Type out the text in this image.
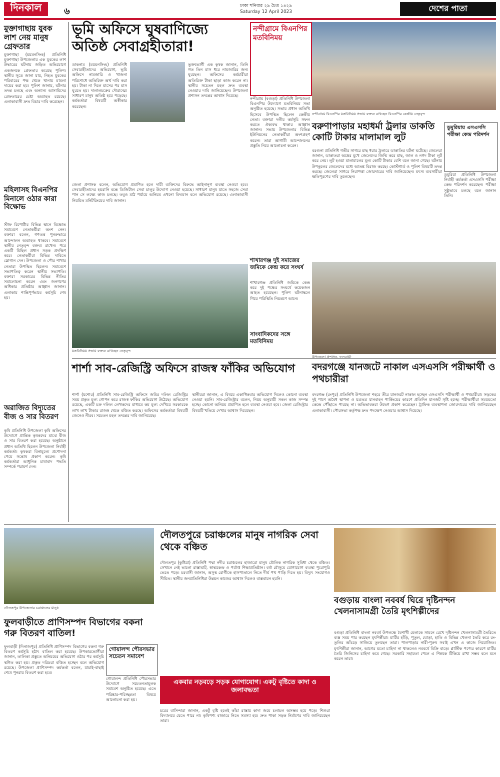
দিনকাল	৬
ঢাকা শনিবার ২৯ চৈত্র ১৪২৯
Saturday 12 April 2023	দেশের পাতা
মুক্তাগাছায় যুবক লাশ নেয় মানুষ গ্রেফতার
মুক্তাগাছা (ময়মনসিংহ) প্রতিনিধি মুক্তাগাছা উপজেলায় এক যুবকের লাশ উদ্ধারের ঘটনায় জড়িত অভিযোগে একজনকে গ্রেফতার করেছে পুলিশ। স্থানীয় সূত্রে জানা যায়, নিহত যুবকের পরিবারের পক্ষ থেকে থানায় মামলা দায়ের করা হয়। পুলিশ জানায়, ঘটনার তদন্ত চলছে এবং অন্যান্য আসামিদের গ্রেফতারের চেষ্টা অব্যাহত রয়েছে। এলাকাবাসী দ্রুত বিচার দাবি করেছেন।
মহিলাসহ বিএনপির মিনালে ওঠার কারা বিক্ষোভ
স্টাফ রিপোর্টার বিভিন্ন স্থানে বিক্ষোভ সমাবেশে নেতাকর্মীরা অংশ নেন। বক্তারা বলেন, গণতন্ত্র পুনরুদ্ধারে আন্দোলন অব্যাহত থাকবে। সমাবেশে স্থানীয় নেতৃবৃন্দ বক্তব্য রাখেন। পরে একটি মিছিল প্রধান সড়ক প্রদক্ষিণ করে। নেতাকর্মীরা বিভিন্ন দাবিতে স্লোগান দেন। উপজেলা ও পৌর শাখার নেতারা উপস্থিত ছিলেন। সমাবেশে সভাপতিত্ব করেন স্থানীয় সভাপতি। বক্তারা সরকারের বিভিন্ন নীতির সমালোচনা করেন এবং জনগণের অধিকার প্রতিষ্ঠার আহ্বান জানান। এলাকায় শান্তিপূর্ণভাবে কর্মসূচি শেষ হয়।
অরাজিত বিদ্যুতের বীজ ও সার বিতরণ
কৃষি প্রতিনিধি উপজেলা কৃষি অফিসের উদ্যোগে প্রান্তিক কৃষকদের মাঝে বীজ ও সার বিতরণ করা হয়েছে। অনুষ্ঠানে প্রধান অতিথি ছিলেন উপজেলা নির্বাহী কর্মকর্তা। কৃষকরা বিনামূল্যে প্রণোদনা পেয়ে সন্তোষ প্রকাশ করেন। কৃষি কর্মকর্তারা আধুনিক চাষাবাদ পদ্ধতি সম্পর্কে পরামর্শ দেন।
ভূমি অফিসে ঘুষবাণিজ্যে অতিষ্ঠ সেবাগ্রহীতারা!
ডাকনাম (ময়মনসিংহ) প্রতিনিধি সেবাগ্রহীতাদের অভিযোগ, ভূমি অফিসে নামজারি ও খাজনা পরিশোধে অতিরিক্ত অর্থ দাবি করা হয়। টাকা না দিলে মাসের পর মাস ঘুরতে হয়। দালালচক্রের দৌরাত্ম্যে সাধারণ মানুষ অতিষ্ঠ হয়ে পড়েছে। কর্মকর্তারা বিষয়টি অস্বীকার করেছেন।
ভুক্তভোগী এক কৃষক জানান, তিনি গত তিন মাস ধরে নামজারির জন্য ঘুরছেন। অফিসের কর্মচারীরা অতিরিক্ত টাকা ছাড়া কাজ করেন না। স্থানীয় সচেতন মহল দ্রুত ব্যবস্থা নেওয়ার দাবি জানিয়েছেন। উপজেলা প্রশাসন তদন্তের আশ্বাস দিয়েছে।
জেলা প্রশাসক বলেন, অভিযোগ প্রমাণিত হলে দায়ী ব্যক্তিদের বিরুদ্ধে আইনানুগ ব্যবস্থা নেওয়া হবে। সেবাগ্রহীতাদের হয়রানি বন্ধে ডিজিটাল সেবা চালুর উদ্যোগ নেওয়া হয়েছে। সাধারণ মানুষ যাতে সহজে সেবা পান সে লক্ষ্যে কাজ চলছে। তবুও মাঠ পর্যায়ে অনিয়ম এখনো বিদ্যমান বলে অভিযোগ রয়েছে। এলাকাবাসী নিয়মিত মনিটরিংয়ের দাবি জানান।
নন্দীগ্রামে বিএনপির মতবিনিময়
নন্দীগ্রাম (বগুড়া) প্রতিনিধি উপজেলা বিএনপির উদ্যোগে মতবিনিময় সভা অনুষ্ঠিত হয়েছে। সভায় প্রধান অতিথি হিসেবে উপস্থিত ছিলেন কেন্দ্রীয় নেতা। বক্তারা দলীয় কর্মসূচি সফল করতে ঐক্যবদ্ধ থাকার আহ্বান জানান। সভায় উপজেলার বিভিন্ন ইউনিয়নের নেতাকর্মীরা অংশগ্রহণ করেন। তারা আগামী আন্দোলনের প্রস্তুতি নিয়ে আলোচনা করেন।
শাখারগঞ্জ দুই সমাজের জমিকে কেন্দ্র করে সংঘর্ষ
শাখারগঞ্জ প্রতিনিধি জমিকে কেন্দ্র করে দুই পক্ষের সংঘর্ষে কয়েকজন আহত হয়েছেন। পুলিশ ঘটনাস্থলে গিয়ে পরিস্থিতি নিয়ন্ত্রণে আনে।
সাংবাদিকদের সঙ্গে মতবিনিময়
নন্দীগ্রামে বিএনপির মতবিনিময় সভায় বক্তব্য রাখছেন বিএনপির কেন্দ্রীয় নেতৃবৃন্দ
বরুণাপাড়ার মহাধর্মা ট্রলার ডাকতি কোটি টাকার মালামাল লুট
ডুমুরিয়ায় এসএসসি পরীক্ষা কেন্দ্র পরিদর্শন
বরগুনা প্রতিনিধি গভীর সাগরে মাছ ধরার ট্রলারে ডাকাতির ঘটনা ঘটেছে। জেলেরা জানান, ডাকাতরা অস্ত্রের মুখে জেলেদের জিম্মি করে মাছ, জাল ও নগদ টাকা লুট করে নেয়। লুট হওয়া মালামালের মূল্য কোটি টাকার বেশি বলে জানা গেছে। ঘটনায় উপকূলের জেলেদের মধ্যে আতঙ্ক বিরাজ করছে। কোস্টগার্ড ও পুলিশ বিষয়টি তদন্ত করছে। জেলেরা সাগরে নিরাপত্তা জোরদারের দাবি জানিয়েছেন। মৎস্য ব্যবসায়ীরা ক্ষতিপূরণের দাবি তুলেছেন।	ডুমুরিয়া প্রতিনিধি উপজেলা নির্বাহী কর্মকর্তা এসএসসি পরীক্ষা কেন্দ্র পরিদর্শন করেছেন। পরীক্ষা সুষ্ঠুভাবে চলছে বলে জানান তিনি।
মতবিনিময় সভায় বক্তব্য রাখছেন নেতৃবৃন্দ
উপজেলা প্রশাসন, ফুলবাড়ী
শার্শা সাব-রেজিস্ট্রি অফিসে রাজস্ব ফাঁকির অভিযোগ
শার্শা (যশোর) প্রতিনিধি সাব-রেজিস্ট্রি অফিসে জমির দলিল রেজিস্ট্রির সময় প্রকৃত মূল্য গোপন করে রাজস্ব ফাঁকির অভিযোগ উঠেছে। অভিযোগ রয়েছে, একটি চক্র দলিল লেখকদের মাধ্যমে কম মূল্য দেখিয়ে সরকারকে লাখ লাখ টাকার রাজস্ব থেকে বঞ্চিত করছে। অফিসের কর্মকর্তারা বিষয়টি জেনেও নীরব। সচেতন মহল তদন্তের দাবি জানিয়েছে।
স্থানীয়রা জানান, এ বিষয়ে একাধিকবার অভিযোগ দিলেও কোনো ব্যবস্থা নেওয়া হয়নি। সাব-রেজিস্ট্রার বলেন, নিয়ম অনুযায়ী সকল কাজ সম্পন্ন হচ্ছে। কোনো অনিয়ম প্রমাণিত হলে ব্যবস্থা নেওয়া হবে। জেলা রেজিস্ট্রার বিষয়টি খতিয়ে দেখার আশ্বাস দিয়েছেন।
বদরগঞ্জে যানজটে নাকাল এসএসসি পরীক্ষার্থী ও পথচারীরা
বদরগঞ্জ (রংপুর) প্রতিনিধি উপজেলা শহরে তীব্র যানজটে নাকাল হচ্ছেন এসএসসি পরীক্ষার্থী ও পথচারীরা। সড়কের দুই পাশে অবৈধ স্থাপনা ও যত্রতত্র যানবাহন পার্কিংয়ের কারণে প্রতিদিন যানজট সৃষ্টি হচ্ছে। পরীক্ষার্থীরা সময়মতো কেন্দ্রে পৌঁছাতে পারছে না। অভিভাবকরা উদ্বেগ প্রকাশ করেছেন। ট্রাফিক ব্যবস্থাপনা জোরদারের দাবি জানিয়েছেন এলাকাবাসী। পৌরসভা কর্তৃপক্ষ দ্রুত পদক্ষেপ নেওয়ার আশ্বাস দিয়েছে।
দৌলতপুরে চরাঞ্চলের মানুষ নাগরিক সেবা থেকে বঞ্চিত
দৌলতপুর (কুষ্টিয়া) প্রতিনিধি পদ্মা নদীর চরাঞ্চলের হাজারো মানুষ মৌলিক নাগরিক সুবিধা থেকে বঞ্চিত। সেখানে নেই ভালো রাস্তাঘাট, স্বাস্থ্যকেন্দ্র ও পর্যাপ্ত শিক্ষাপ্রতিষ্ঠান। বর্ষা মৌসুমে যোগাযোগ ব্যবস্থা পুরোপুরি ভেঙে পড়ে। চরবাসী জানান, অসুস্থ রোগীকে হাসপাতালে নিতে দীর্ঘ পথ পাড়ি দিতে হয়। বিদ্যুৎ সংযোগও সীমিত। স্থানীয় জনপ্রতিনিধিরা উন্নয়ন কাজের আশ্বাস দিলেও বাস্তবায়ন হয়নি।
দৌলতপুর উপজেলার চরাঞ্চলের মানুষ
ফুলবাড়ীতে প্রাণিসম্পদ বিভাগের বকনা গরু বিতরণ বাতিল!
ফুলবাড়ী (দিনাজপুর) প্রতিনিধি প্রাণিসম্পদ বিভাগের বকনা গরু বিতরণ কর্মসূচি হঠাৎ বাতিল করা হয়েছে। উপকারভোগীরা জানান, তালিকা প্রস্তুতে অনিয়মের অভিযোগ ওঠার পর কর্মসূচি স্থগিত করা হয়। প্রকৃত দরিদ্ররা বঞ্চিত হচ্ছেন বলে অভিযোগ রয়েছে। উপজেলা প্রাণিসম্পদ কর্মকর্তা বলেন, যাচাই-বাছাই শেষে পুনরায় বিতরণ করা হবে।
গোয়ালন্দ পৌরসভার সচেতন সমাবেশ
গোয়ালন্দ প্রতিনিধি পৌরসভার উদ্যোগে সচেতনতামূলক সমাবেশ অনুষ্ঠিত হয়েছে। এতে পরিষ্কার-পরিচ্ছন্নতা বিষয়ে আলোচনা করা হয়।
একবার নড়বড়ে সড়ক যোগাযোগ। একটু বৃষ্টিতে কাদা ও জলাবদ্ধতা
চরের বাসিন্দারা জানান, একটু বৃষ্টি হলেই কাঁচা রাস্তায় কাদা জমে চলাচল অসম্ভব হয়ে পড়ে। শিশুরা বিদ্যালয়ে যেতে পারে না। কৃষিপণ্য বাজারে নিতে সমস্যা হয়। দ্রুত পাকা সড়ক নির্মাণের দাবি জানিয়েছেন তারা।
বগুড়ায় বাংলা নববর্ষ ঘিরে দৃষ্টিনন্দন খেলনাসামগ্রী তৈরি মৃৎশিল্পীদের
বগুড়া প্রতিনিধি বাংলা নববর্ষ উপলক্ষে বৈশাখী মেলাকে সামনে রেখে দৃষ্টিনন্দন খেলনাসামগ্রী তৈরিতে ব্যস্ত সময় পার করছেন মৃৎশিল্পীরা। মাটির হাঁড়ি, পুতুল, ঘোড়া, হাতি ও বিভিন্ন খেলনা তৈরি করে রং-তুলির আঁচড়ে সাজিয়ে তুলছেন তারা। পালপাড়ার নারী-পুরুষ সবাই এখন এ কাজে নিয়োজিত। মৃৎশিল্পীরা জানান, আগের মতো চাহিদা না থাকলেও নববর্ষে বিক্রি বাড়ে। প্লাস্টিক পণ্যের কারণে মাটির তৈরি জিনিসের চাহিদা কমে গেছে। সরকারি সহায়তা পেলে এ শিল্পকে টিকিয়ে রাখা সম্ভব বলে মনে করেন তারা।
